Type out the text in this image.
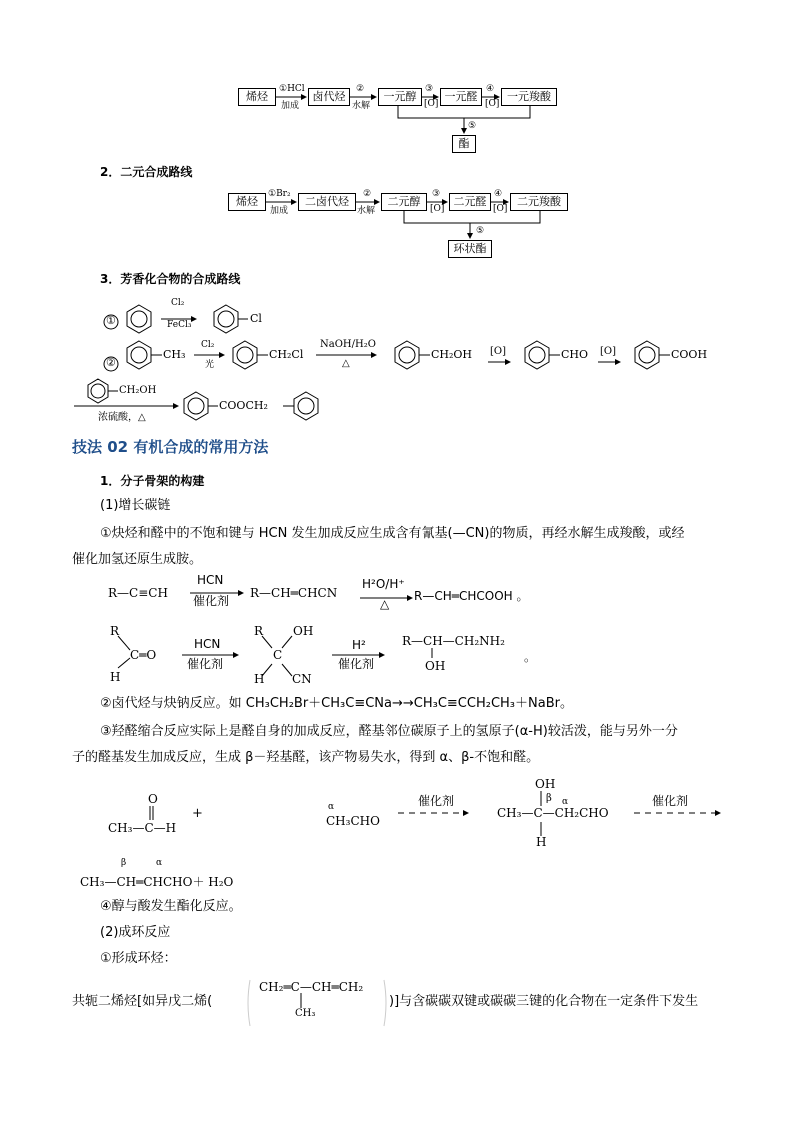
烯烃	卤代烃	一元醇	一元醛	一元羧酸
酯
①HCl
加成
②
水解
③
[O]
④
[O]
⑤
2．二元合成路线
烯烃	二卤代烃	二元醇	二元醛	二元羧酸
环状酯
①Br₂
加成
②
水解
③
[O]
④
[O]
⑤
3．芳香化合物的合成路线
①
Cl₂
FeCl₃	Cl
②
CH₃
Cl₂
光
CH₂Cl
NaOH/H₂O
△
CH₂OH [O]	CHO [O]	COOH
CH₂OH
浓硫酸，△
COOCH₂
技法 02 有机合成的常用方法
1．分子骨架的构建
(1)增长碳链
①炔烃和醛中的不饱和键与 HCN 发生加成反应生成含有氰基(—CN)的物质，再经水解生成羧酸，或经
催化加氢还原生成胺。
R—C≡CH
HCN
催化剂
R—CH═CHCN
H²O/H⁺
△
R—CH═CHCOOH 。
R
C═O
H
HCN
催化剂
R OH
C
H CN
H²
催化剂
R—CH—CH₂NH₂
OH
。
②卤代烃与炔钠反应。如 CH₃CH₂Br＋CH₃C≡CNa→→CH₃C≡CCH₂CH₃＋NaBr。
③羟醛缩合反应实际上是醛自身的加成反应，醛基邻位碳原子上的氢原子(α-H)较活泼，能与另外一分
子的醛基发生加成反应，生成 β－羟基醛，该产物易失水，得到 α、β-不饱和醛。
O
CH₃—C—H
+	α
CH₃CHO
催化剂
OH
β α
CH₃—C—CH₂CHO
H
催化剂
β	α
CH₃—CH═CHCHO＋ H₂O
④醇与酸发生酯化反应。
(2)成环反应
①形成环烃：
共轭二烯烃[如异戊二烯(
CH₂═C—CH═CH₂
CH₃
)]与含碳碳双键或碳碳三键的化合物在一定条件下发生
